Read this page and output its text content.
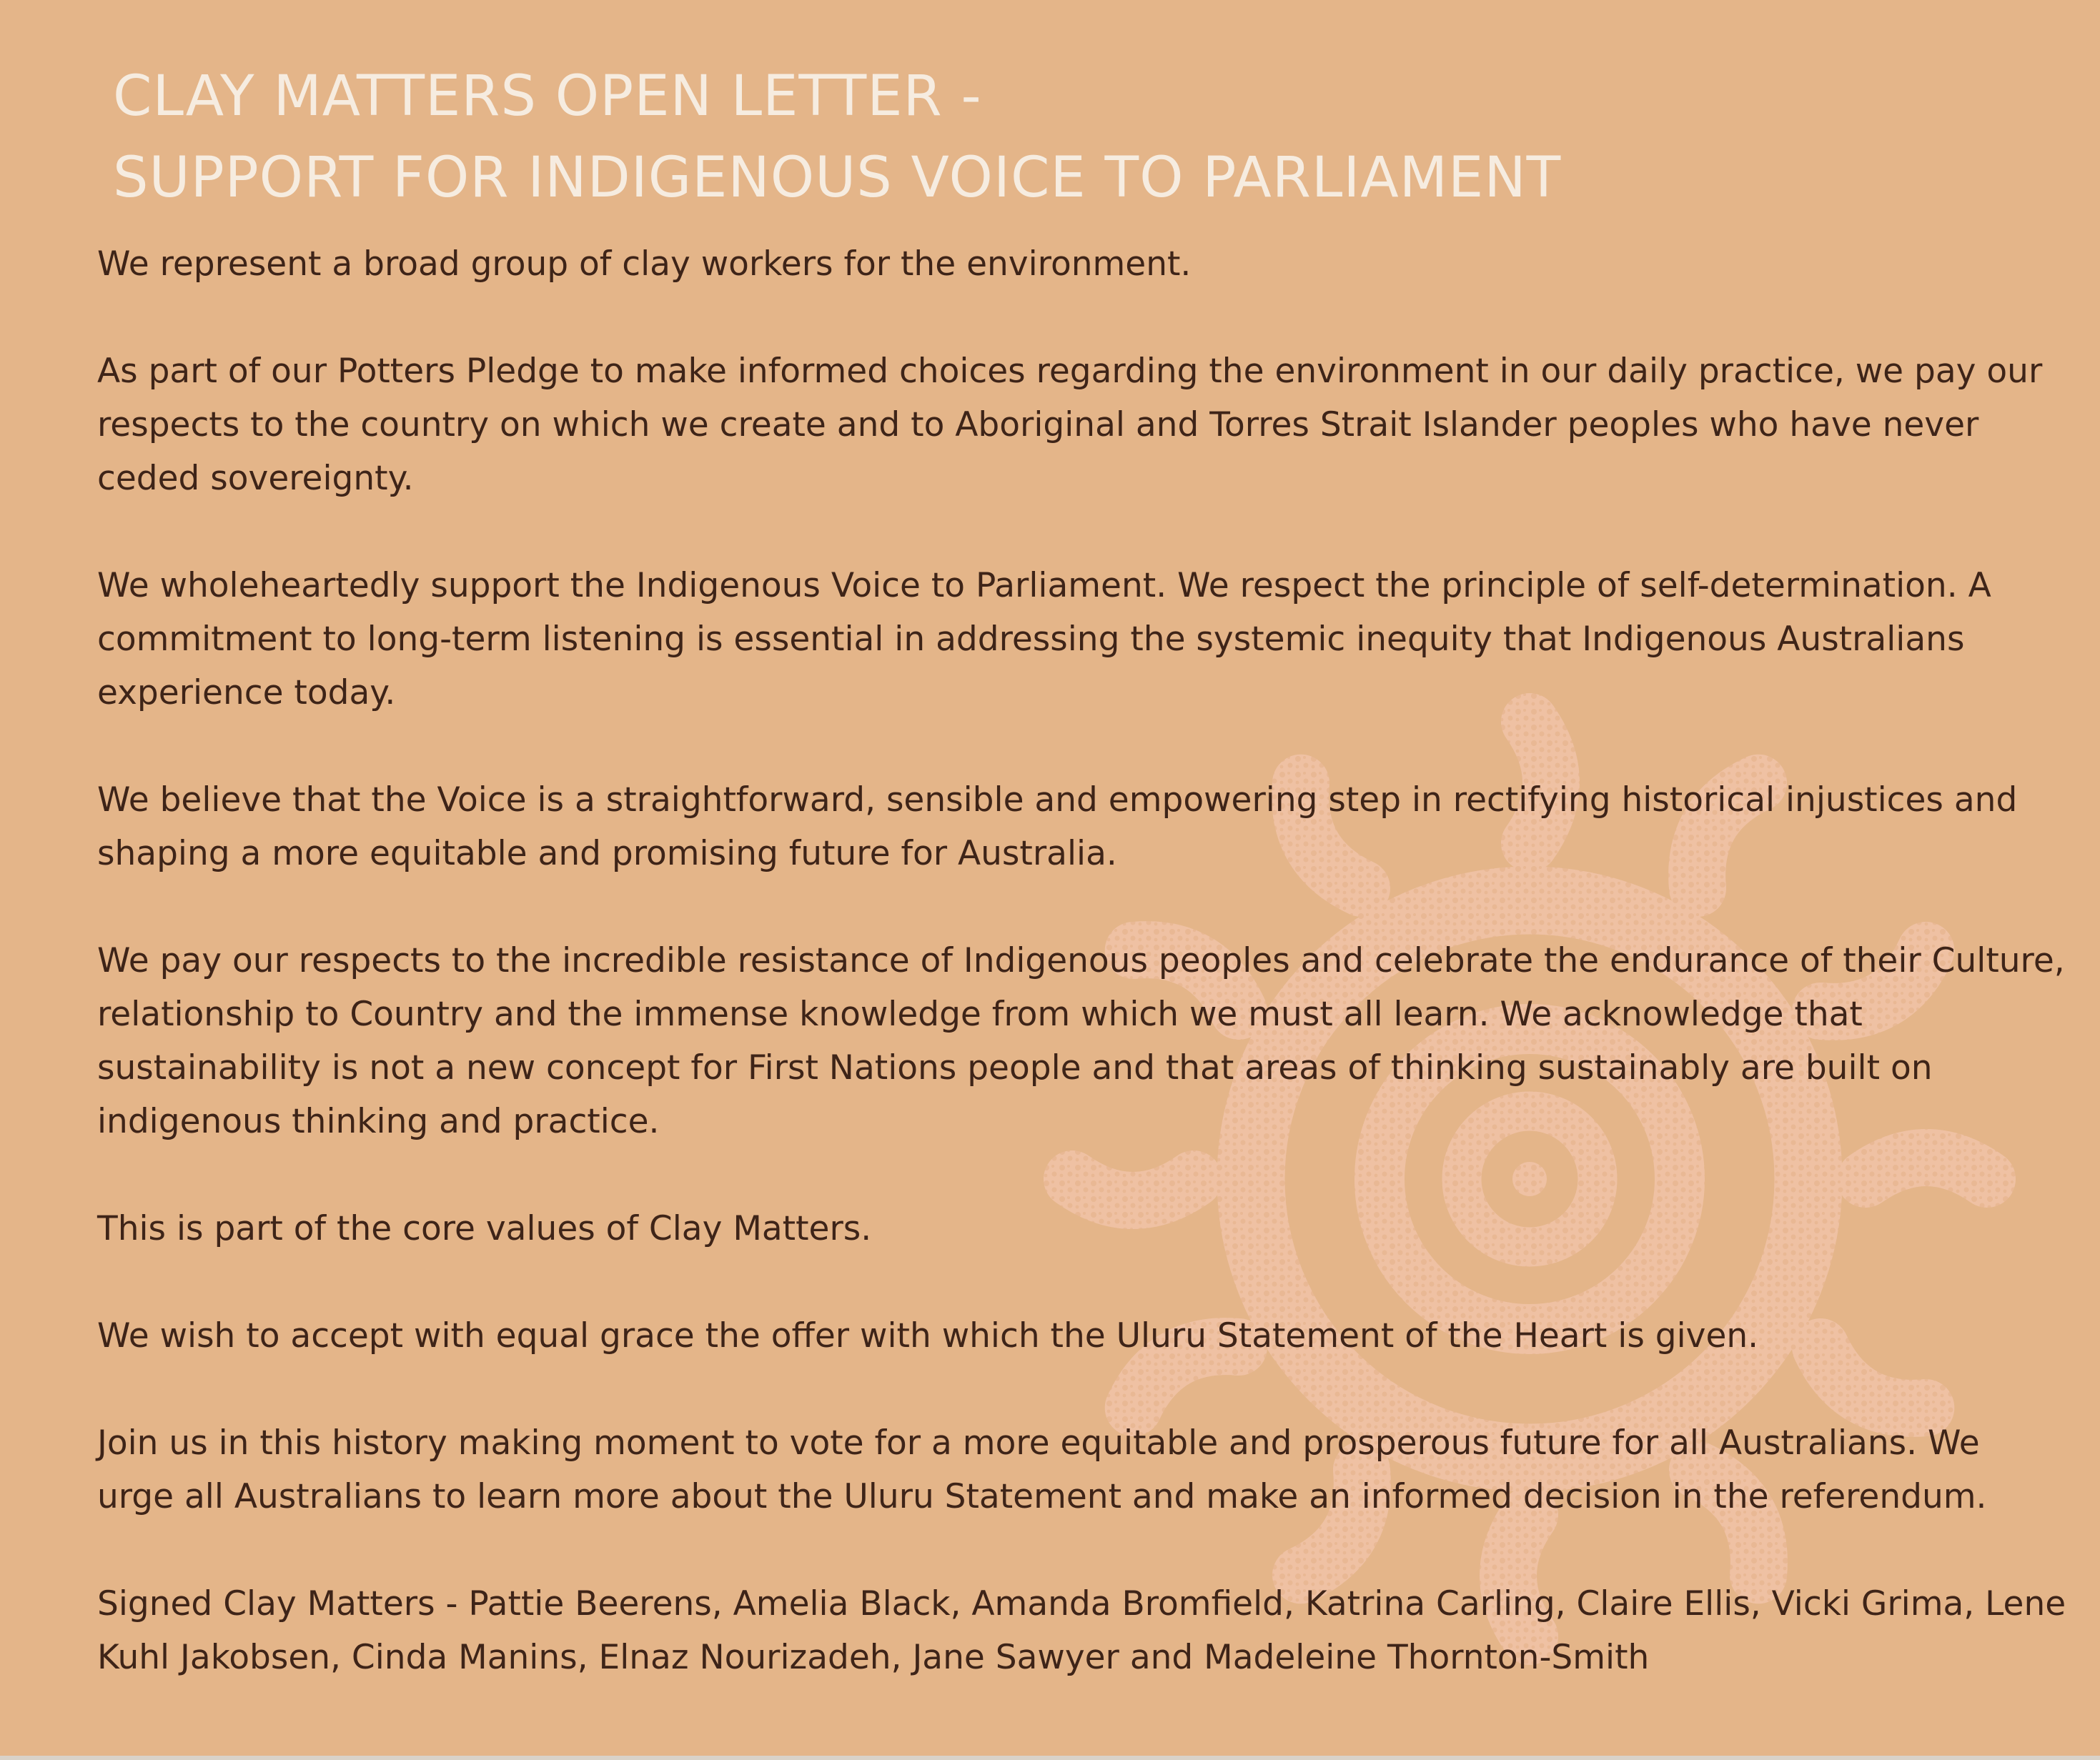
CLAY MATTERS OPEN LETTER -
SUPPORT FOR INDIGENOUS VOICE TO PARLIAMENT

We represent a broad group of clay workers for the environment.

As part of our Potters Pledge to make informed choices regarding the environment in our daily practice, we pay our
respects to the country on which we create and to Aboriginal and Torres Strait Islander peoples who have never
ceded sovereignty.

We wholeheartedly support the Indigenous Voice to Parliament. We respect the principle of self-determination. A
commitment to long-term listening is essential in addressing the systemic inequity that Indigenous Australians
experience today.

We believe that the Voice is a straightforward, sensible and empowering step in rectifying historical injustices and
shaping a more equitable and promising future for Australia.

We pay our respects to the incredible resistance of Indigenous peoples and celebrate the endurance of their Culture,
relationship to Country and the immense knowledge from which we must all learn. We acknowledge that
sustainability is not a new concept for First Nations people and that areas of thinking sustainably are built on
indigenous thinking and practice.

This is part of the core values of Clay Matters.

We wish to accept with equal grace the offer with which the Uluru Statement of the Heart is given.

Join us in this history making moment to vote for a more equitable and prosperous future for all Australians. We
urge all Australians to learn more about the Uluru Statement and make an informed decision in the referendum.

Signed Clay Matters - Pattie Beerens, Amelia Black, Amanda Bromfield, Katrina Carling, Claire Ellis, Vicki Grima, Lene
Kuhl Jakobsen, Cinda Manins, Elnaz Nourizadeh, Jane Sawyer and Madeleine Thornton-Smith
